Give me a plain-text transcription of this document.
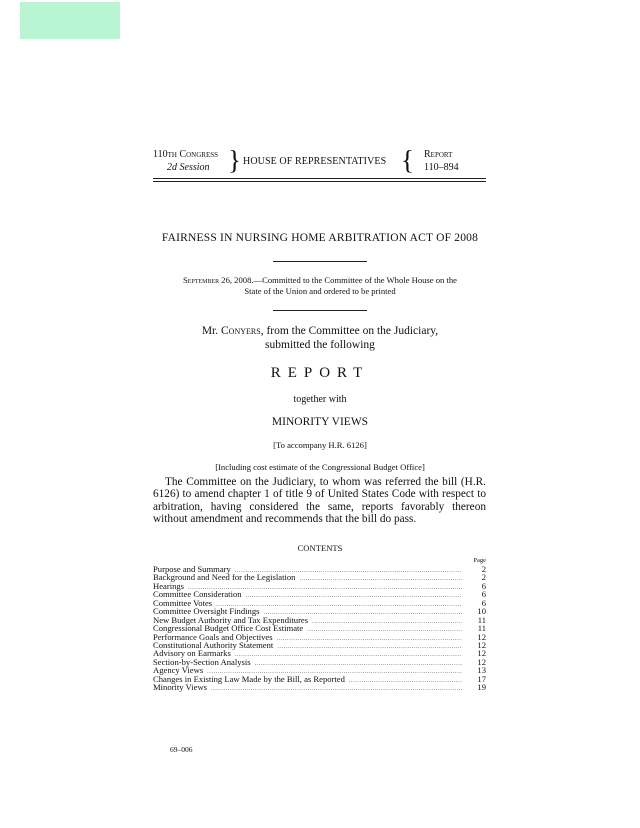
110th Congress
2d Session } HOUSE OF REPRESENTATIVES { Report
110–894
FAIRNESS IN NURSING HOME ARBITRATION ACT OF 2008
September 26, 2008.—Committed to the Committee of the Whole House on the
State of the Union and ordered to be printed
Mr. Conyers, from the Committee on the Judiciary,
submitted the following
REPORT
together with
MINORITY VIEWS
[To accompany H.R. 6126]
[Including cost estimate of the Congressional Budget Office]

The Committee on the Judiciary, to whom was referred the bill (H.R. 6126) to amend chapter 1 of title 9 of United States Code with respect to arbitration, having considered the same, reports favorably thereon without amendment and recommends that the bill do pass.

CONTENTS
Page
Purpose and Summary .....	2
Background and Need for the Legislation .....	2
Hearings .....	6
Committee Consideration .....	6
Committee Votes .....	6
Committee Oversight Findings .....	10
New Budget Authority and Tax Expenditures .....	11
Congressional Budget Office Cost Estimate .....	11
Performance Goals and Objectives .....	12
Constitutional Authority Statement .....	12
Advisory on Earmarks .....	12
Section-by-Section Analysis .....	12
Agency Views .....	13
Changes in Existing Law Made by the Bill, as Reported .....	17
Minority Views .....	19
69–006
